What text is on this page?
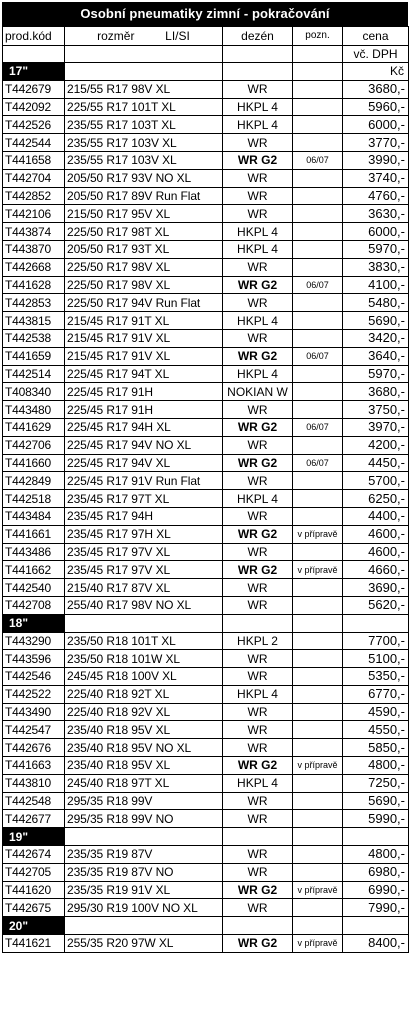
Osobní pneumatiky zimní - pokračování
prod.kód	rozměr LI/SI	dezén	pozn.	cena
				vč. DPH
17"				Kč
T442679	215/55 R17 98V XL	WR		3680,-
T442092	225/55 R17 101T XL	HKPL 4		5960,-
T442526	235/55 R17 103T XL	HKPL 4		6000,-
T442544	235/55 R17 103V XL	WR		3770,-
T441658	235/55 R17 103V XL	WR G2	06/07	3990,-
T442704	205/50 R17 93V NO XL	WR		3740,-
T442852	205/50 R17 89V Run Flat	WR		4760,-
T442106	215/50 R17 95V XL	WR		3630,-
T443874	225/50 R17 98T XL	HKPL 4		6000,-
T443870	205/50 R17 93T XL	HKPL 4		5970,-
T442668	225/50 R17 98V XL	WR		3830,-
T441628	225/50 R17 98V XL	WR G2	06/07	4100,-
T442853	225/50 R17 94V Run Flat	WR		5480,-
T443815	215/45 R17 91T XL	HKPL 4		5690,-
T442538	215/45 R17 91V XL	WR		3420,-
T441659	215/45 R17 91V XL	WR G2	06/07	3640,-
T442514	225/45 R17 94T XL	HKPL 4		5970,-
T408340	225/45 R17 91H	NOKIAN W		3680,-
T443480	225/45 R17 91H	WR		3750,-
T441629	225/45 R17 94H XL	WR G2	06/07	3970,-
T442706	225/45 R17 94V NO XL	WR		4200,-
T441660	225/45 R17 94V XL	WR G2	06/07	4450,-
T442849	225/45 R17 91V Run Flat	WR		5700,-
T442518	235/45 R17 97T XL	HKPL 4		6250,-
T443484	235/45 R17 94H	WR		4400,-
T441661	235/45 R17 97H XL	WR G2	v přípravě	4600,-
T443486	235/45 R17 97V XL	WR		4600,-
T441662	235/45 R17 97V XL	WR G2	v přípravě	4660,-
T442540	215/40 R17 87V XL	WR		3690,-
T442708	255/40 R17 98V NO XL	WR		5620,-
18"				
T443290	235/50 R18 101T XL	HKPL 2		7700,-
T443596	235/50 R18 101W XL	WR		5100,-
T442546	245/45 R18 100V XL	WR		5350,-
T442522	225/40 R18 92T XL	HKPL 4		6770,-
T443490	225/40 R18 92V XL	WR		4590,-
T442547	235/40 R18 95V XL	WR		4550,-
T442676	235/40 R18 95V NO XL	WR		5850,-
T441663	235/40 R18 95V XL	WR G2	v přípravě	4800,-
T443810	245/40 R18 97T XL	HKPL 4		7250,-
T442548	295/35 R18 99V	WR		5690,-
T442677	295/35 R18 99V NO	WR		5990,-
19"				
T442674	235/35 R19 87V	WR		4800,-
T442705	235/35 R19 87V NO	WR		6980,-
T441620	235/35 R19 91V XL	WR G2	v přípravě	6990,-
T442675	295/30 R19 100V NO XL	WR		7990,-
20"				
T441621	255/35 R20 97W XL	WR G2	v přípravě	8400,-
